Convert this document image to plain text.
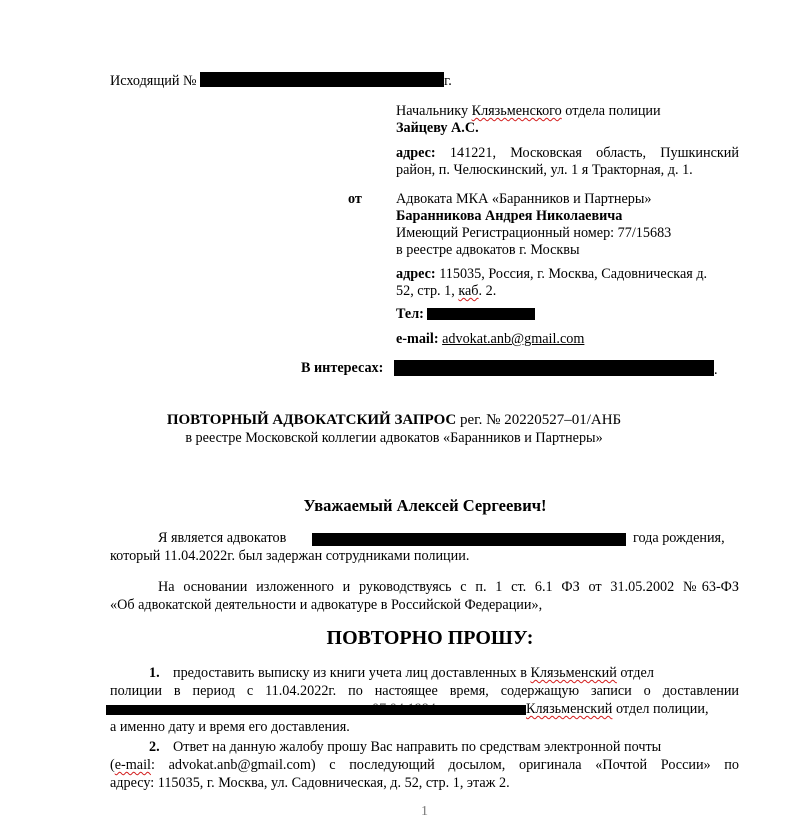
Исходящий №	г.
Начальнику Клязьменского отдела полиции
Зайцеву А.С.
адрес: 141221, Московская область, Пушкинский
район, п. Челюскинский, ул. 1 я Тракторная, д. 1.
от Адвоката МКА «Баранников и Партнеры»
Баранникова Андрея Николаевича
Имеющий Регистрационный номер: 77/15683
в реестре адвокатов г. Москвы
адрес: 115035, Россия, г. Москва, Садовническая д.
52, стр. 1, каб. 2.
Тел:
e-mail: advokat.anb@gmail.com
В интересах:	.
ПОВТОРНЫЙ АДВОКАТСКИЙ ЗАПРОС рег. № 20220527–01/АНБ
в реестре Московской коллегии адвокатов «Баранников и Партнеры»
Уважаемый Алексей Сергеевич!
Я является адвокатов	года рождения,
который 11.04.2022г. был задержан сотрудниками полиции.
На основании изложенного и руководствуясь с п. 1 ст. 6.1 ФЗ от 31.05.2002 №63-ФЗ
«Об адвокатской деятельности и адвокатуре в Российской Федерации»,
ПОВТОРНО ПРОШУ:
1. предоставить выписку из книги учета лиц доставленных в Клязьменский отдел
полиции в период с 11.04.2022г. по настоящее время, содержащую записи о доставлении
Клязьменский отдел полиции,
а именно дату и время его доставления.
2. Ответ на данную жалобу прошу Вас направить по средствам электронной почты
(e-mail: advokat.anb@gmail.com) с последующий досылом, оригинала «Почтой России» по
адресу: 115035, г. Москва, ул. Садовническая, д. 52, стр. 1, этаж 2.
1
